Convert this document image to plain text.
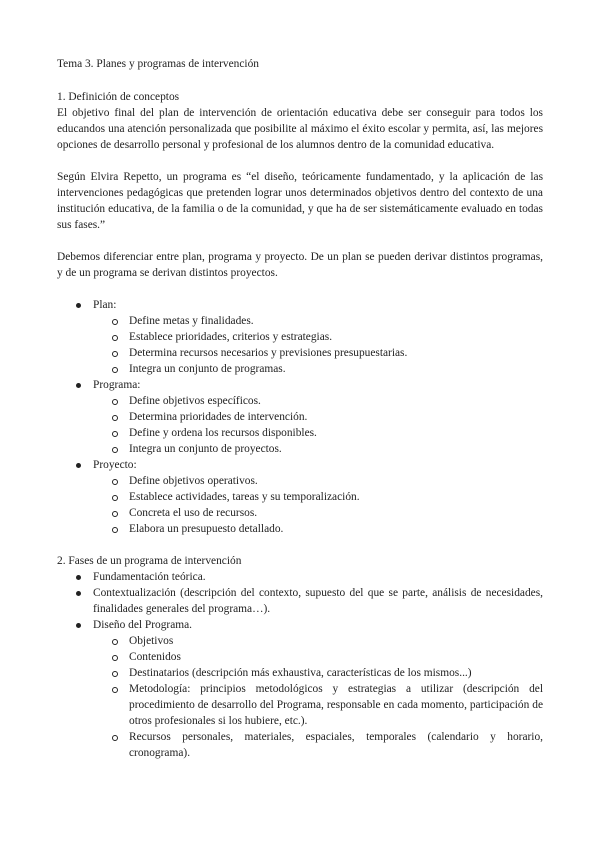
Tema 3. Planes y programas de intervención
1. Definición de conceptos

El objetivo final del plan de intervención de orientación educativa debe ser conseguir para todos los educandos una atención personalizada que posibilite al máximo el éxito escolar y permita, así, las mejores opciones de desarrollo personal y profesional de los alumnos dentro de la comunidad educativa.

Según Elvira Repetto, un programa es “el diseño, teóricamente fundamentado, y la aplicación de las intervenciones pedagógicas que pretenden lograr unos determinados objetivos dentro del contexto de una institución educativa, de la familia o de la comunidad, y que ha de ser sistemáticamente evaluado en todas sus fases.”

Debemos diferenciar entre plan, programa y proyecto. De un plan se pueden derivar distintos programas, y de un programa se derivan distintos proyectos.

Plan:
Define metas y finalidades.
Establece prioridades, criterios y estrategias.
Determina recursos necesarios y previsiones presupuestarias.
Integra un conjunto de programas.
Programa:
Define objetivos específicos.
Determina prioridades de intervención.
Define y ordena los recursos disponibles.
Integra un conjunto de proyectos.
Proyecto:
Define objetivos operativos.
Establece actividades, tareas y su temporalización.
Concreta el uso de recursos.
Elabora un presupuesto detallado.
2. Fases de un programa de intervención
Fundamentación teórica.
Contextualización (descripción del contexto, supuesto del que se parte, análisis de necesidades, finalidades generales del programa…).
Diseño del Programa.
Objetivos
Contenidos
Destinatarios (descripción más exhaustiva, características de los mismos...)
Metodología: principios metodológicos y estrategias a utilizar (descripción del procedimiento de desarrollo del Programa, responsable en cada momento, participación de otros profesionales si los hubiere, etc.).
Recursos personales, materiales, espaciales, temporales (calendario y horario, cronograma).
